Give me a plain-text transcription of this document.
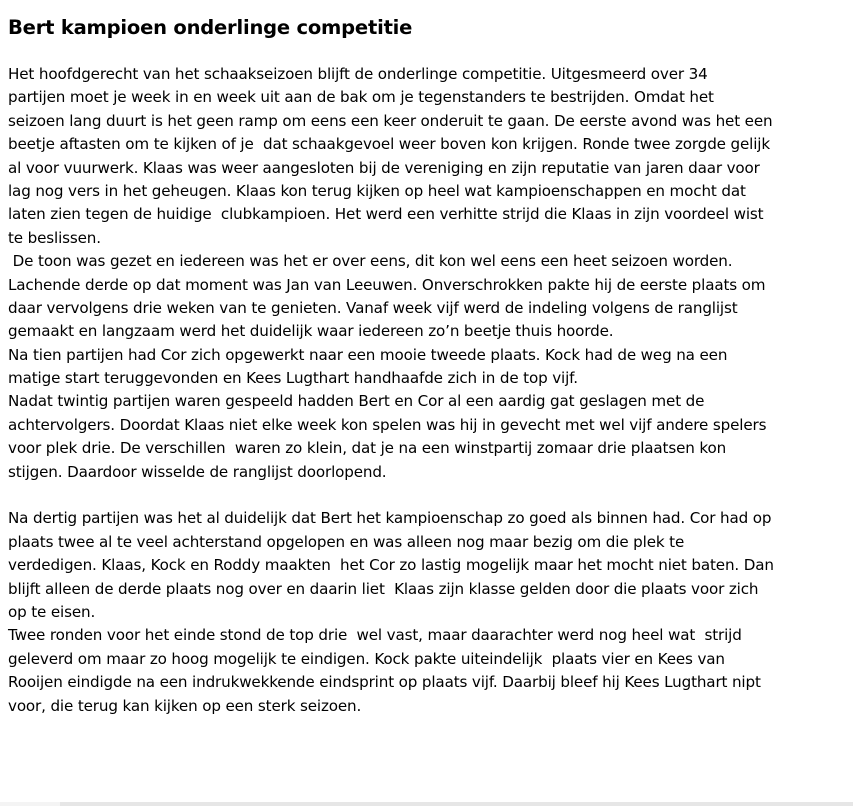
Bert kampioen onderlinge competitie
Het hoofdgerecht van het schaakseizoen blijft de onderlinge competitie. Uitgesmeerd over 34
partijen moet je week in en week uit aan de bak om je tegenstanders te bestrijden. Omdat het
seizoen lang duurt is het geen ramp om eens een keer onderuit te gaan. De eerste avond was het een
beetje aftasten om te kijken of je  dat schaakgevoel weer boven kon krijgen. Ronde twee zorgde gelijk
al voor vuurwerk. Klaas was weer aangesloten bij de vereniging en zijn reputatie van jaren daar voor
lag nog vers in het geheugen. Klaas kon terug kijken op heel wat kampioenschappen en mocht dat
laten zien tegen de huidige  clubkampioen. Het werd een verhitte strijd die Klaas in zijn voordeel wist
te beslissen.
De toon was gezet en iedereen was het er over eens, dit kon wel eens een heet seizoen worden.
Lachende derde op dat moment was Jan van Leeuwen. Onverschrokken pakte hij de eerste plaats om
daar vervolgens drie weken van te genieten. Vanaf week vijf werd de indeling volgens de ranglijst
gemaakt en langzaam werd het duidelijk waar iedereen zo’n beetje thuis hoorde.
Na tien partijen had Cor zich opgewerkt naar een mooie tweede plaats. Kock had de weg na een
matige start teruggevonden en Kees Lugthart handhaafde zich in de top vijf.
Nadat twintig partijen waren gespeeld hadden Bert en Cor al een aardig gat geslagen met de
achtervolgers. Doordat Klaas niet elke week kon spelen was hij in gevecht met wel vijf andere spelers
voor plek drie. De verschillen  waren zo klein, dat je na een winstpartij zomaar drie plaatsen kon
stijgen. Daardoor wisselde de ranglijst doorlopend.
Na dertig partijen was het al duidelijk dat Bert het kampioenschap zo goed als binnen had. Cor had op
plaats twee al te veel achterstand opgelopen en was alleen nog maar bezig om die plek te
verdedigen. Klaas, Kock en Roddy maakten  het Cor zo lastig mogelijk maar het mocht niet baten. Dan
blijft alleen de derde plaats nog over en daarin liet  Klaas zijn klasse gelden door die plaats voor zich
op te eisen.
Twee ronden voor het einde stond de top drie  wel vast, maar daarachter werd nog heel wat  strijd
geleverd om maar zo hoog mogelijk te eindigen. Kock pakte uiteindelijk  plaats vier en Kees van
Rooijen eindigde na een indrukwekkende eindsprint op plaats vijf. Daarbij bleef hij Kees Lugthart nipt
voor, die terug kan kijken op een sterk seizoen.
